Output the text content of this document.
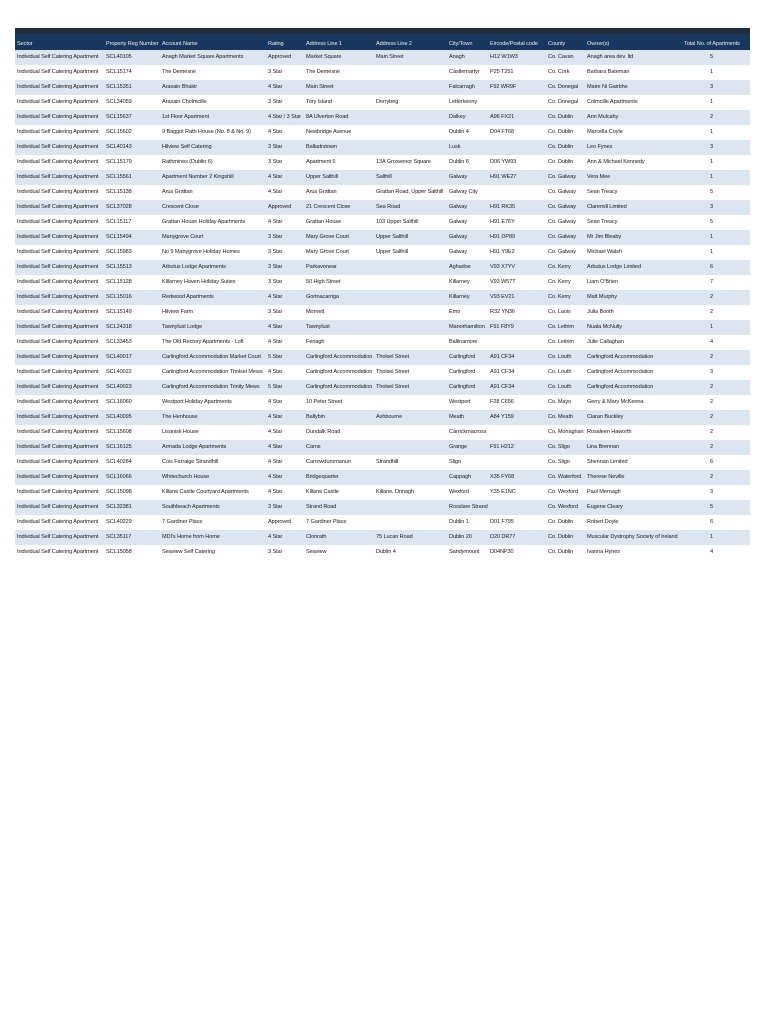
Sector	Property Reg Number	Account Name	Rating	Address Line 1	Address Line 2	City/Town	Eircode/Postal code	County	Owner(s)	Total No. of Apartments
Individual Self Catering Apartment	SCL40105	Anagh Market Square Apartments	Approved	Market Square	Main Street	Anagh	H12 W1W3	Co. Cavan	Anagh area dev. ltd	5
Individual Self Catering Apartment	SCL15174	The Demesne	3 Star	The Demesne		Castlemartyr	P25 T251	Co. Cork	Barbara Bateman	1
Individual Self Catering Apartment	SCL15351	Arasain Bhakir	4 Star	Main Street		Falcarragh	F92 WR9F	Co. Donegal	Maire Ni Gairbhe	3
Individual Self Catering Apartment	SCL34059	Arasain Cholmcille	3 Star	Tory Island	Derrybeg	Letterkenny		Co. Donegal	Colmcille Apartments	1
Individual Self Catering Apartment	SCL15637	1st Floor Apartment	4 Star / 3 Star	8A Ulverton Road		Dalkey	A96 FX21	Co. Dublin	Ann Mulcahy	2
Individual Self Catering Apartment	SCL15602	9 Baggot Rath House (No. 8 & No. 9)	4 Star	Newbridge Avenue		Dublin 4	D04 FT68	Co. Dublin	Marcella Coyle	1
Individual Self Catering Apartment	SCL40143	Hilview Self Catering	3 Star	Balladrstown		Lusk		Co. Dublin	Leo Fynes	3
Individual Self Catering Apartment	SCL15179	Rathmines (Dublin 6)	3 Star	Apartment 5	13A Grosvenor Square	Dublin 6	D06 YW93	Co. Dublin	Ann & Michael Kennedy	1
Individual Self Catering Apartment	SCL15561	Apartment Number 2 Kingshill	4 Star	Upper Salthill	Salthill	Galway	H91 WE27	Co. Galway	Vera Mee	1
Individual Self Catering Apartment	SCL15138	Arus Grattan	4 Star	Arus Grattan	Grattan Road, Upper Salthill	Galway City		Co. Galway	Sean Treacy	5
Individual Self Catering Apartment	SCL37028	Crescent Close	Approved	21 Crescent Close	Sea Road	Galway	H91 RK35	Co. Galway	Claremill Limited	3
Individual Self Catering Apartment	SCL15117	Grattan House Holiday Apartments	4 Star	Grattan House	103 Upper Salthill	Galway	H91 E76Y	Co. Galway	Sean Treacy	5
Individual Self Catering Apartment	SCL15494	Manygrove Court	3 Star	Mary Grove Court	Upper Salthill	Galway	H91 DP89	Co. Galway	Mr Jim Bleaby	1
Individual Self Catering Apartment	SCL15983	No 9 Manygrove Holiday Homes	3 Star	Mary Grove Court	Upper Salthill	Galway	H91 Y9E2	Co. Galway	Michael Walsh	1
Individual Self Catering Apartment	SCL15513	Arbutus Lodge Apartments	3 Star	Parkavonear		Aghadoe	V93 X7YV	Co. Kerry	Arbutus Lodge Limited	6
Individual Self Catering Apartment	SCL15128	Killarney Haven Holiday Suites	3 Star	50 High Street		Killarney	V93 W57T	Co. Kerry	Liam O'Brien	7
Individual Self Catering Apartment	SCL15016	Redwood Apartments	4 Star	Gortnacarriga		Killarney	V93 EV21	Co. Kerry	Matt Murphy	2
Individual Self Catering Apartment	SCL15149	Hilview Farm	3 Star	Mornett		Emo	R32 YN36	Co. Laois	Julia Booth	2
Individual Self Catering Apartment	SCL24318	Tawnylust Lodge	4 Star	Tawnylust		Manorhamilton	F91 F8Y9	Co. Leitrim	Nuala McNulty	1
Individual Self Catering Apartment	SCL33453	The Old Rectory Apartments - Loft	4 Star	Fenagh		Ballinamore		Co. Leitrim	Julie Callaghan	4
Individual Self Catering Apartment	SCL40017	Carlingford Accommodation Market Court	5 Star	Carlingford Accommodation	Tholsel Street	Carlingford	A91 CF34	Co. Louth	Carlingford Accommodation	2
Individual Self Catering Apartment	SCL40022	Carlingford Accommodation Tholsel Mews	4 Star	Carlingford Accommodation	Tholsel Street	Carlingford	A91 CF34	Co. Louth	Carlingford Accommodation	3
Individual Self Catering Apartment	SCL40023	Carlingford Accommodation Trinity Mews	5 Star	Carlingford Accommodation	Tholsel Street	Carlingford	A91 CF34	Co. Louth	Carlingford Accommodation	2
Individual Self Catering Apartment	SCL16060	Westport Holiday Apartments	4 Star	10 Peter Street		Westport	F28 C656	Co. Mayo	Gerry & Mary McKenna	2
Individual Self Catering Apartment	SCL40095	The Henhouse	4 Star	Ballybin	Ashbourne	Meath	A84 Y159	Co. Meath	Ciaran Buckley	2
Individual Self Catering Apartment	SCL15608	Lisanisk House	4 Star	Dundalk Road		Carrickmacross		Co. Monaghan	Rosaleen Haworth	2
Individual Self Catering Apartment	SCL16125	Armada Lodge Apartments	4 Star	Carns		Grange	F91 H212	Co. Sligo	Lina Brennan	2
Individual Self Catering Apartment	SCL40284	Cois Farraige Strandhill	4 Star	Carrowdurnmanun	Strandhill	Sligo		Co. Sligo	Shennan Limited	6
Individual Self Catering Apartment	SCL16066	Whitechurch House	4 Star	Bridgequarter		Cappagh	X35 FY68	Co. Waterford	Therese Neville	2
Individual Self Catering Apartment	SCL15098	Killane Castle Courtyard Apartments	4 Star	Killane Castle	Killane, Drinagh	Wexford	Y35 E1NC	Co. Wexford	Paul Mernagh	3
Individual Self Catering Apartment	SCL32381	Southbeach Apartments	3 Star	Strand Road		Rosslare Strand		Co. Wexford	Eugene Cleary	5
Individual Self Catering Apartment	SCL40229	7 Gardiner Place	Approved	7 Gardiner Place		Dublin 1	D01 F795	Co. Dublin	Robert Doyle	6
Individual Self Catering Apartment	SCL35117	MDI's Home from Home	4 Star	Clonrath	75 Lucan Road	Dublin 20	D20 DR77	Co. Dublin	Muscular Dystrophy Society of Ireland	1
Individual Self Catering Apartment	SCL15058	Seaview Self Catering	3 Star	Seaview	Dublin 4	Sandymount	D04NP30	Co. Dublin	Ivanna Hynes	4
